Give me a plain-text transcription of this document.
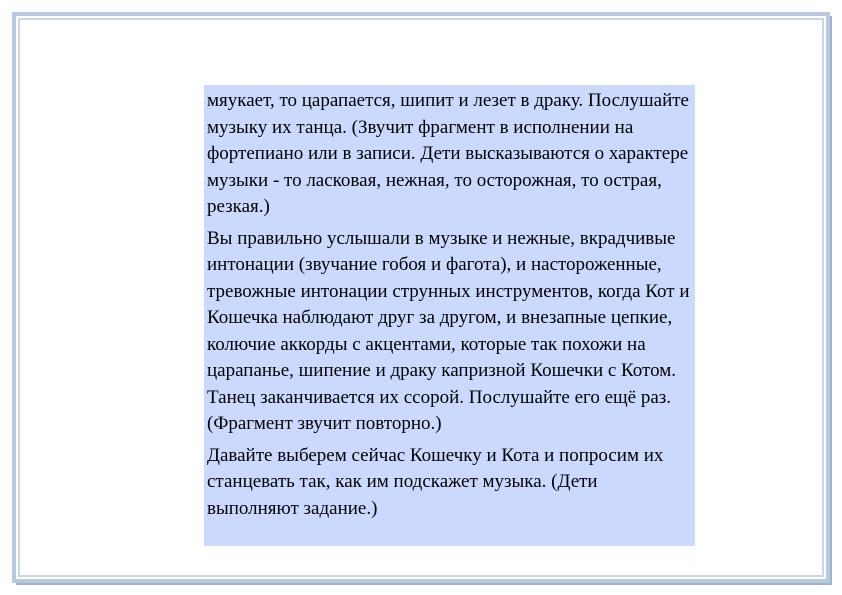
мяукает, то царапается, шипит и лезет в драку. Послушайте музыку их танца. (Звучит фрагмент в исполнении на фортепиано или в записи. Дети высказываются о характере музыки - то ласковая, нежная, то осторожная, то острая, резкая.)

Вы правильно услышали в музыке и нежные, вкрадчивые интонации (звучание гобоя и фагота), и настороженные, тревожные интонации струнных инструментов, когда Кот и Кошечка наблюдают друг за другом, и внезапные цепкие, колючие аккорды с акцентами, которые так похожи на царапанье, шипение и драку капризной Кошечки с Котом. Танец заканчивается их ссорой. Послушайте его ещё раз. (Фрагмент звучит повторно.)

Давайте выберем сейчас Кошечку и Кота и попросим их станцевать так, как им подскажет музыка. (Дети выполняют задание.)
